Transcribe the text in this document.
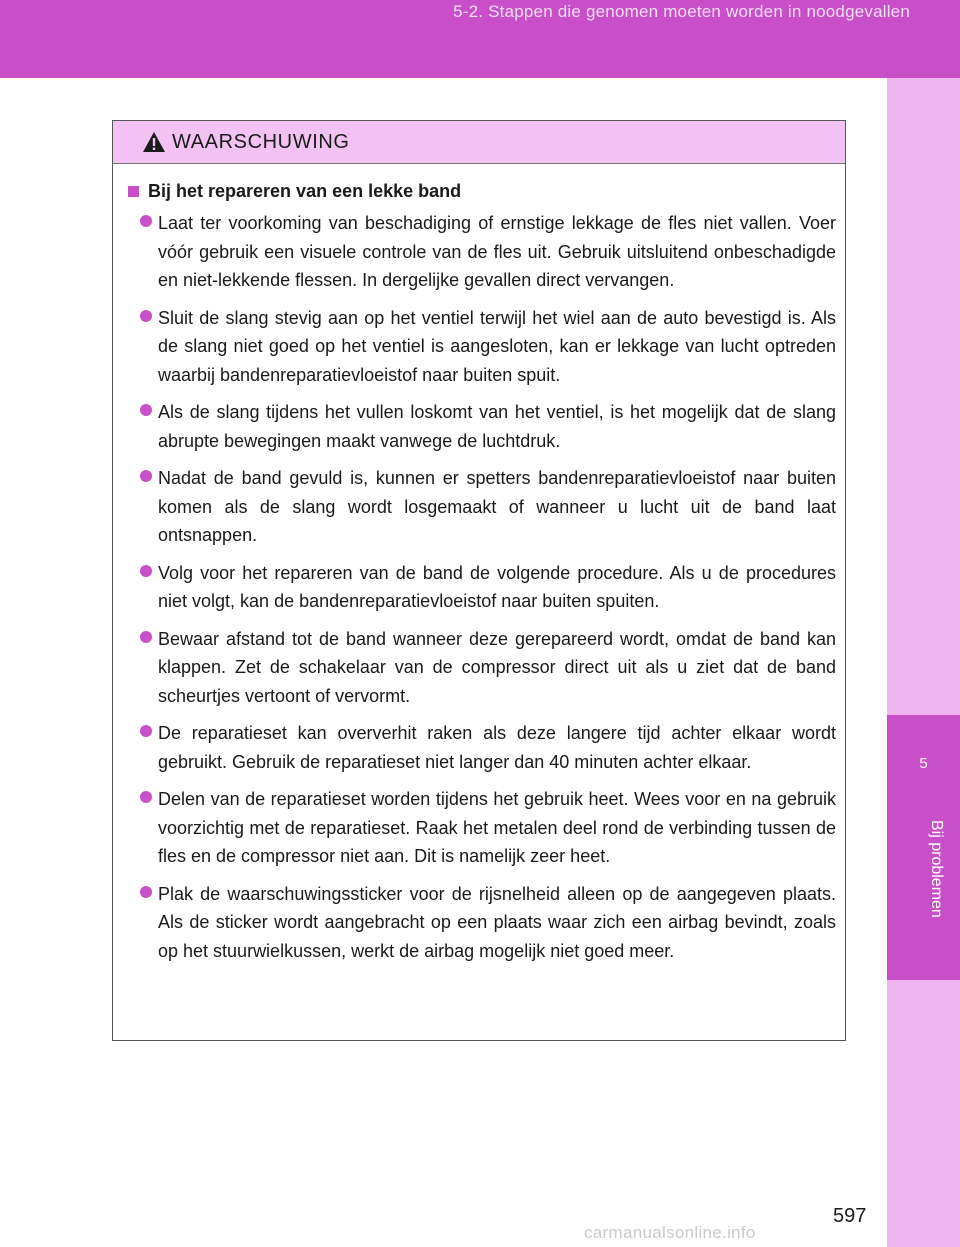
5-2. Stappen die genomen moeten worden in noodgevallen
5
Bij problemen
WAARSCHUWING
Bij het repareren van een lekke band
Laat ter voorkoming van beschadiging of ernstige lekkage de fles niet vallen. Voer vóór gebruik een visuele controle van de fles uit. Gebruik uitsluitend onbeschadigde en niet-lekkende flessen. In dergelijke gevallen direct vervangen.
Sluit de slang stevig aan op het ventiel terwijl het wiel aan de auto bevestigd is. Als de slang niet goed op het ventiel is aangesloten, kan er lekkage van lucht optreden waarbij bandenreparatievloeistof naar buiten spuit.
Als de slang tijdens het vullen loskomt van het ventiel, is het mogelijk dat de slang abrupte bewegingen maakt vanwege de luchtdruk.
Nadat de band gevuld is, kunnen er spetters bandenreparatievloeistof naar buiten komen als de slang wordt losgemaakt of wanneer u lucht uit de band laat ontsnappen.
Volg voor het repareren van de band de volgende procedure. Als u de procedures niet volgt, kan de bandenreparatievloeistof naar buiten spuiten.
Bewaar afstand tot de band wanneer deze gerepareerd wordt, omdat de band kan klappen. Zet de schakelaar van de compressor direct uit als u ziet dat de band scheurtjes vertoont of vervormt.
De reparatieset kan oververhit raken als deze langere tijd achter elkaar wordt gebruikt. Gebruik de reparatieset niet langer dan 40 minuten achter elkaar.
Delen van de reparatieset worden tijdens het gebruik heet. Wees voor en na gebruik voorzichtig met de reparatieset. Raak het metalen deel rond de verbinding tussen de fles en de compressor niet aan. Dit is namelijk zeer heet.
Plak de waarschuwingssticker voor de rijsnelheid alleen op de aangegeven plaats. Als de sticker wordt aangebracht op een plaats waar zich een airbag bevindt, zoals op het stuurwielkussen, werkt de airbag mogelijk niet goed meer.
597
carmanualsonline.info
